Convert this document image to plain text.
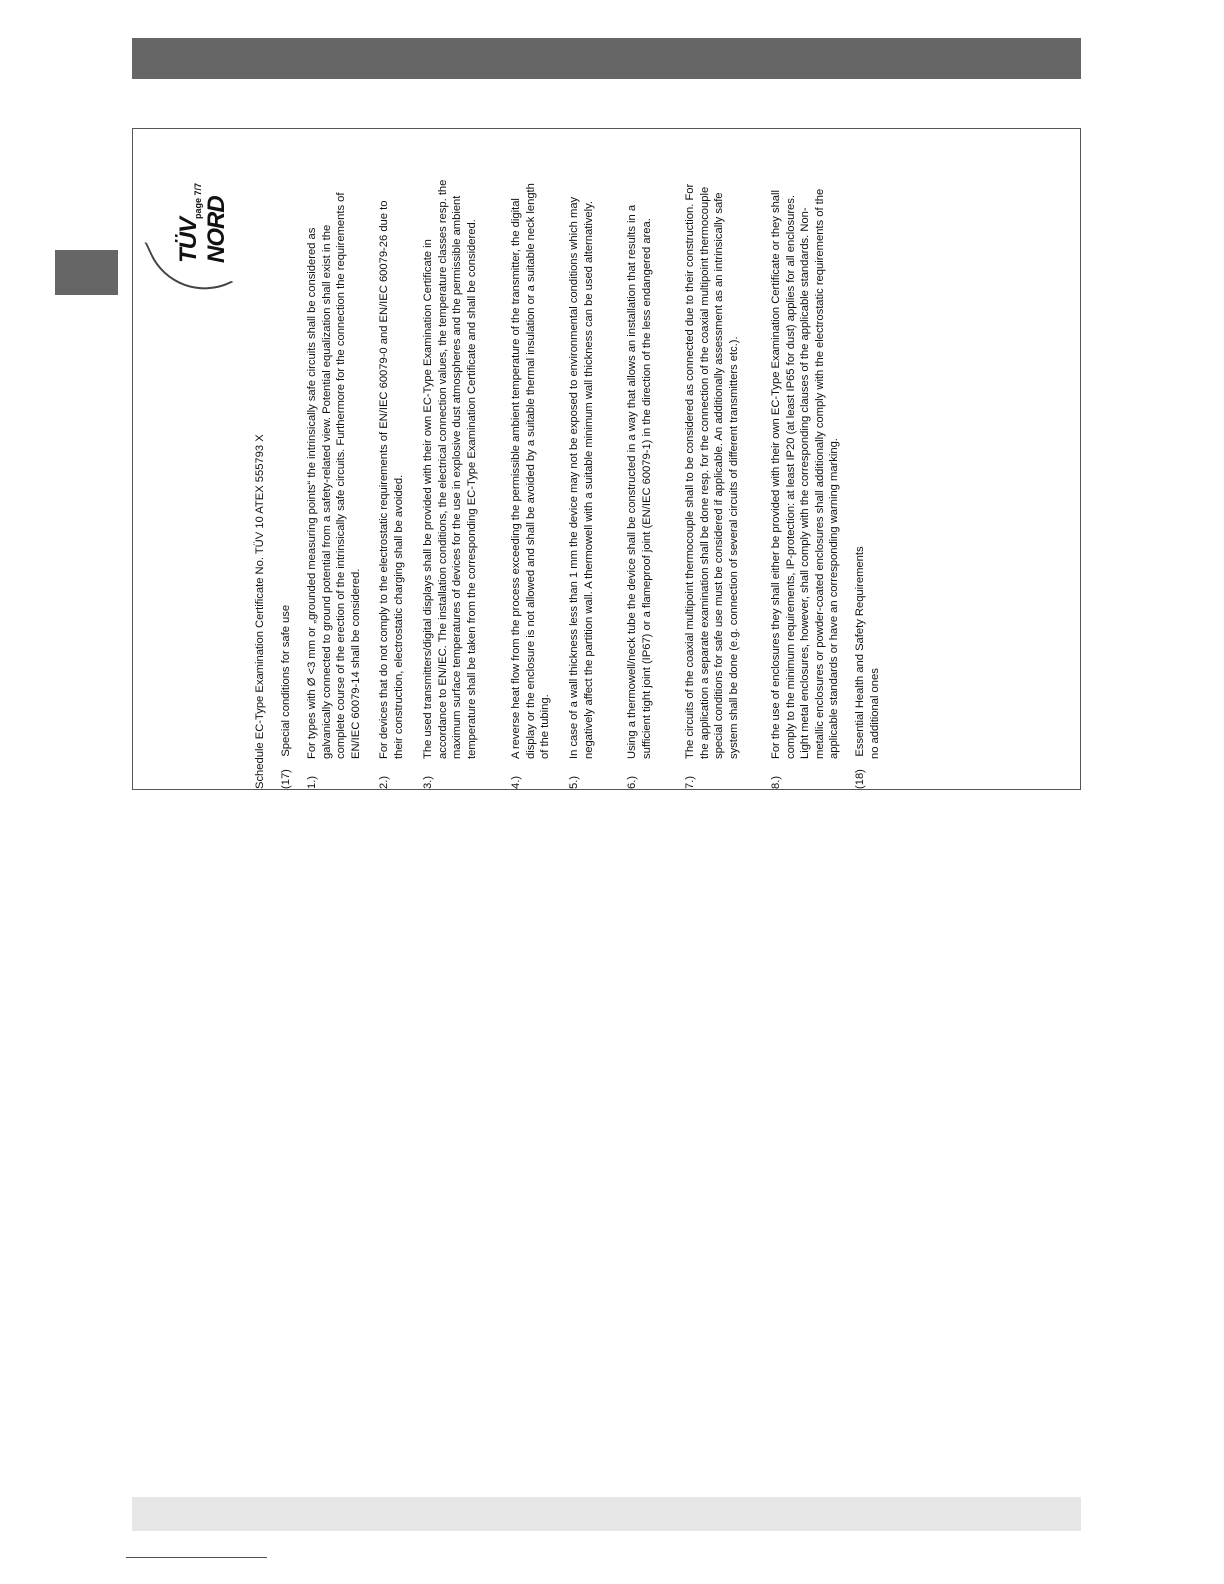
TÜV NORD
page 7/7
Schedule EC-Type Examination Certificate No. TÜV 10 ATEX 555793 X (17)    Special conditions for safe use
1.)
For types with Ø <3 mm or „grounded measuring points“ the intrinsically safe circuits shall be considered as galvanically connected to ground potential from a safety-related view. Potential equalization shall exist in the complete course of the erection of the intrinsically safe circuits. Furthermore for the connection the requirements of EN/IEC 60079-14 shall be considered.
2.)
For devices that do not comply to the electrostatic requirements of EN/IEC 60079-0 and EN/IEC 60079-26 due to their construction, electrostatic charging shall be avoided.
3.)
The used transmitters/digital displays shall be provided with their own EC-Type Examination Certificate in accordance to EN/IEC. The installation conditions, the electrical connection values, the temperature classes resp. the maximum surface temperatures of devices for the use in explosive dust atmospheres and the permissible ambient temperature shall be taken from the corresponding EC-Type Examination Certificate and shall be considered.
4.)
A reverse heat flow from the process exceeding the permissible ambient temperature of the transmitter, the digital display or the enclosure is not allowed and shall be avoided by a suitable thermal insulation or a suitable neck length of the tubing.
5.)
In case of a wall thickness less than 1 mm the device may not be exposed to environmental conditions which may negatively affect the partition wall. A thermowell with a suitable minimum wall thickness can be used alternatively.
6.)
Using a thermowell/neck tube the device shall be constructed in a way that allows an installation that results in a sufficient tight joint (IP67) or a flameproof joint (EN/IEC 60079-1) in the direction of the less endangered area.
7.)
The circuits of the coaxial multipoint thermocouple shall to be considered as connected due to their construction. For the application a separate examination shall be done resp. for the connection of the coaxial multipoint thermocouple special conditions for safe use must be considered if applicable. An additionally assessment as an intrinsically safe system shall be done (e.g. connection of several circuits of different transmitters etc.).
8.)
For the use of enclosures they shall either be provided with their own EC-Type Examination Certificate or they shall comply to the minimum requirements, IP-protection: at least IP20 (at least IP65 for dust) applies for all enclosures. Light metal enclosures, however, shall comply with the corresponding clauses of the applicable standards. Non-metallic enclosures or powder-coated enclosures shall additionally comply with the electrostatic requirements of the applicable standards or have an corresponding warning marking.
(18)    Essential Health and Safety Requirements no additional ones
